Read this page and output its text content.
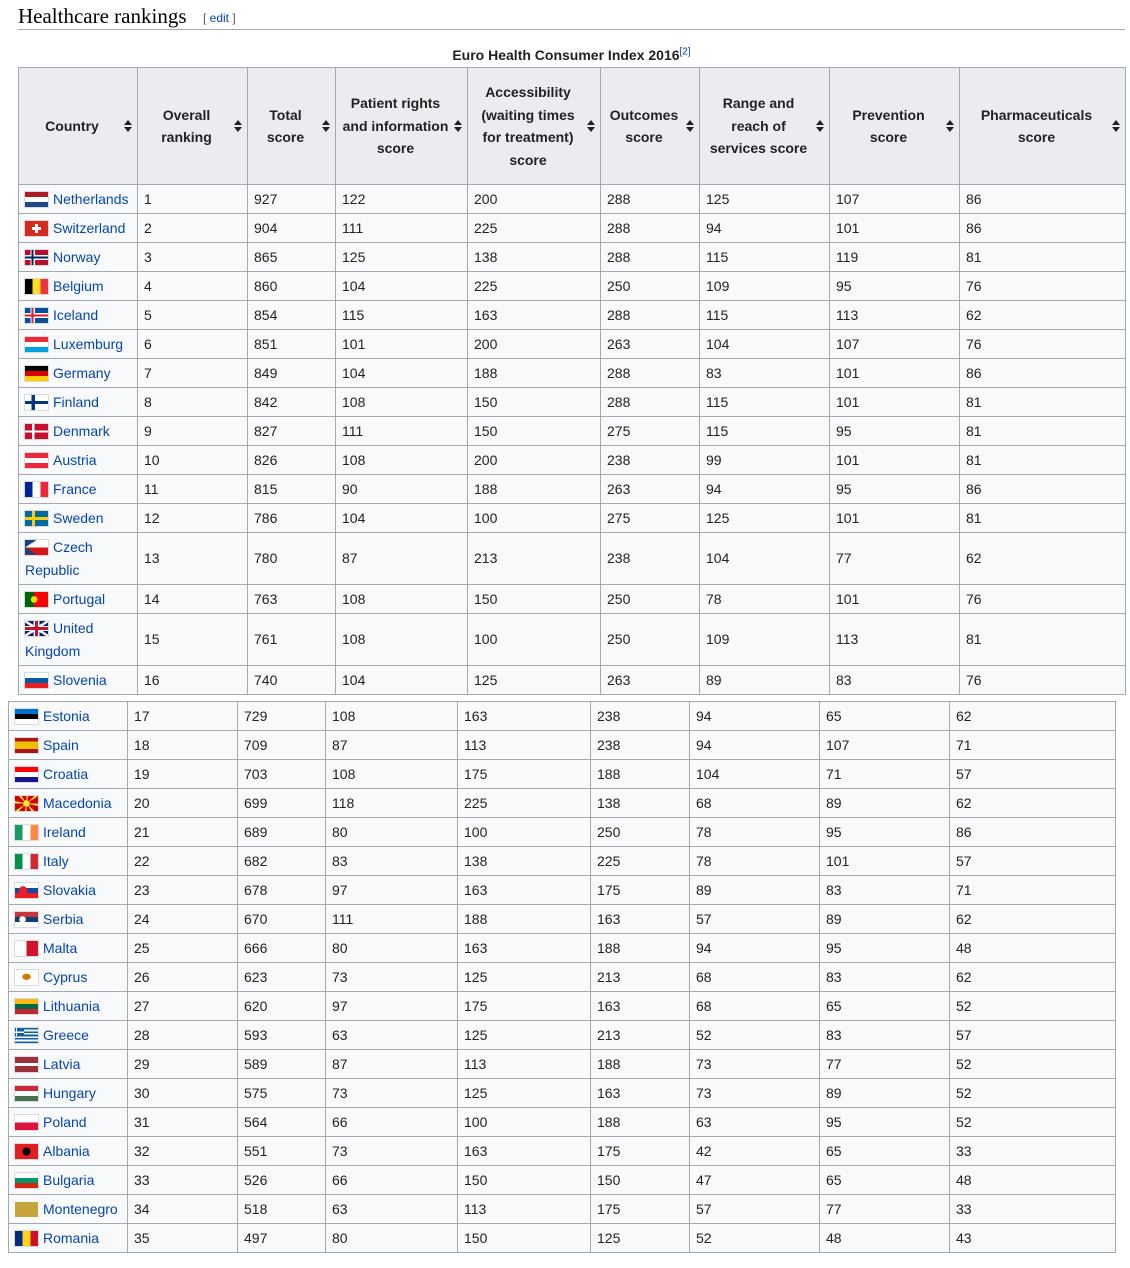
Healthcare rankings [ edit ]
Euro Health Consumer Index 2016[2]
Country	Overall ranking	Total score	Patient rights and information score	Accessibility (waiting times for treatment) score	Outcomes score	Range and reach of services score	Prevention score	Pharmaceuticals score

Netherlands	1	927	122	200	288	125	107	86
Switzerland	2	904	111	225	288	94	101	86
Norway	3	865	125	138	288	115	119	81
Belgium	4	860	104	225	250	109	95	76
Iceland	5	854	115	163	288	115	113	62
Luxemburg	6	851	101	200	263	104	107	76
Germany	7	849	104	188	288	83	101	86
Finland	8	842	108	150	288	115	101	81
Denmark	9	827	111	150	275	115	95	81
Austria	10	826	108	200	238	99	101	81
France	11	815	90	188	263	94	95	86
Sweden	12	786	104	100	275	125	101	81
Czech Republic	13	780	87	213	238	104	77	62
Portugal	14	763	108	150	250	78	101	76
United Kingdom	15	761	108	100	250	109	113	81
Slovenia	16	740	104	125	263	89	83	76
Estonia	17	729	108	163	238	94	65	62
Spain	18	709	87	113	238	94	107	71
Croatia	19	703	108	175	188	104	71	57
Macedonia	20	699	118	225	138	68	89	62
Ireland	21	689	80	100	250	78	95	86
Italy	22	682	83	138	225	78	101	57
Slovakia	23	678	97	163	175	89	83	71
Serbia	24	670	111	188	163	57	89	62
Malta	25	666	80	163	188	94	95	48
Cyprus	26	623	73	125	213	68	83	62
Lithuania	27	620	97	175	163	68	65	52
Greece	28	593	63	125	213	52	83	57
Latvia	29	589	87	113	188	73	77	52
Hungary	30	575	73	125	163	73	89	52
Poland	31	564	66	100	188	63	95	52
Albania	32	551	73	163	175	42	65	33
Bulgaria	33	526	66	150	150	47	65	48
Montenegro	34	518	63	113	175	57	77	33
Romania	35	497	80	150	125	52	48	43
